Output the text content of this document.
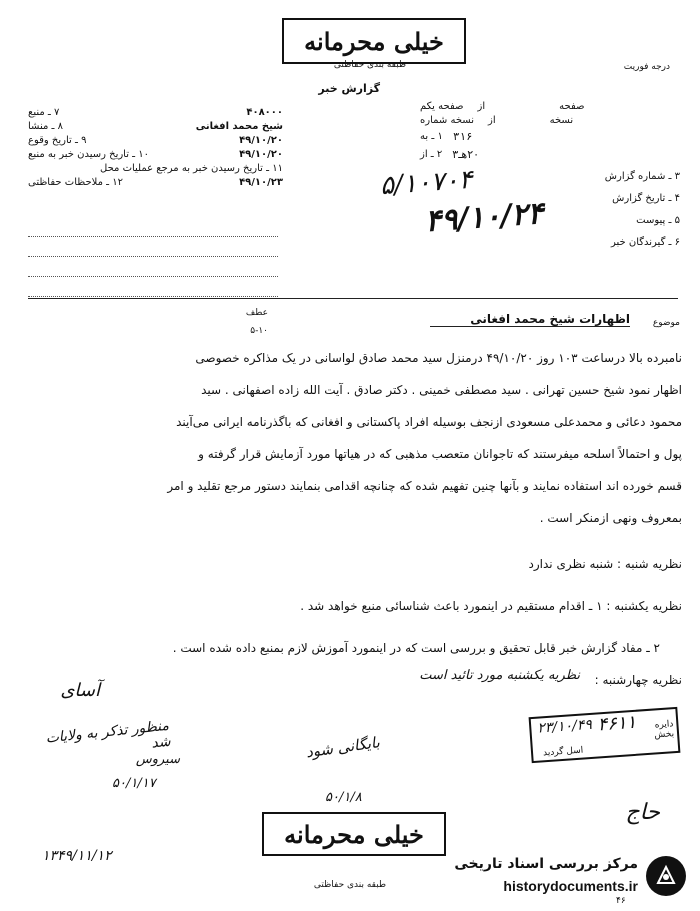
خیلی محرمانه
طبقه بندی حفاظتی	درجه فوریت
گزارش خبر
صفحه یکم از	صفحه
نسخه شماره از	نسخه
۱ ـ به ۳۱۶
۲ ـ از ۲۰هـ۳
۳ ـ شماره گزارش
۴ ـ تاریخ گزارش
۵ ـ پیوست
۶ ـ گیرندگان خبر
۵/۱۰۷۰۴
۴۹/۱۰/۲۴
۷ ـ منبع	۴۰۸۰۰۰
۸ ـ منشا	شیخ محمد افغانی
۹ ـ تاریخ وقوع	۴۹/۱۰/۲۰
۱۰ ـ تاریخ رسیدن خبر به منبع	۴۹/۱۰/۲۰
۱۱ ـ تاریخ رسیدن خبر به مرجع عملیات محل
۱۲ ـ ملاحظات حفاظتی	۴۹/۱۰/۲۳
عطف
۵-۱۰
موضوع
اظهارات شیخ محمد افغانی
نامبرده بالا درساعت ۱۰۳ روز ۴۹/۱۰/۲۰ درمنزل سید محمد صادق لواسانی در یک مذاکره خصوصی
اظهار نمود شیخ حسین تهرانی . سید مصطفی خمینی . دکتر صادق . آیت الله زاده اصفهانی . سید
محمود دعائی و محمدعلی مسعودی ازنجف بوسیله افراد پاکستانی و افغانی که باگذرنامه ایرانی می‌آیند
پول و احتمالاً اسلحه میفرستند که تاجوانان متعصب مذهبی که در هیاتها مورد آزمایش قرار گرفته و
قسم خورده اند استفاده نمایند و بآنها چنین تفهیم شده که چنانچه اقدامی بنمایند دستور مرجع تقلید و امر
بمعروف ونهی ازمنکر است .
نظریه شنبه : شنبه نظری ندارد
نظریه یکشنبه : ۱ ـ اقدام مستقیم در اینمورد باعث شناسائی منبع خواهد شد .
۲ ـ مفاد گزارش خبر قابل تحقیق و بررسی است که در اینمورد آموزش لازم بمنبع داده شده است .
نظریه چهارشنبه :
نظریه یکشنبه مورد تائید است
آسای
منظور تذکر به ولایات شد
سیروس
۵۰/۱/۱۷
بایگانی شود
۵۰/۱/۸
۴۶۱۱	دایره بخش
۲۳/۱۰/۴۹
اسل گردید
خیلی محرمانه
طبقه بندی حفاظتی
۱۳۴۹/۱۱/۱۲
حاج
مرکز بررسی اسناد تاریخی
historydocuments.ir
۴۶
